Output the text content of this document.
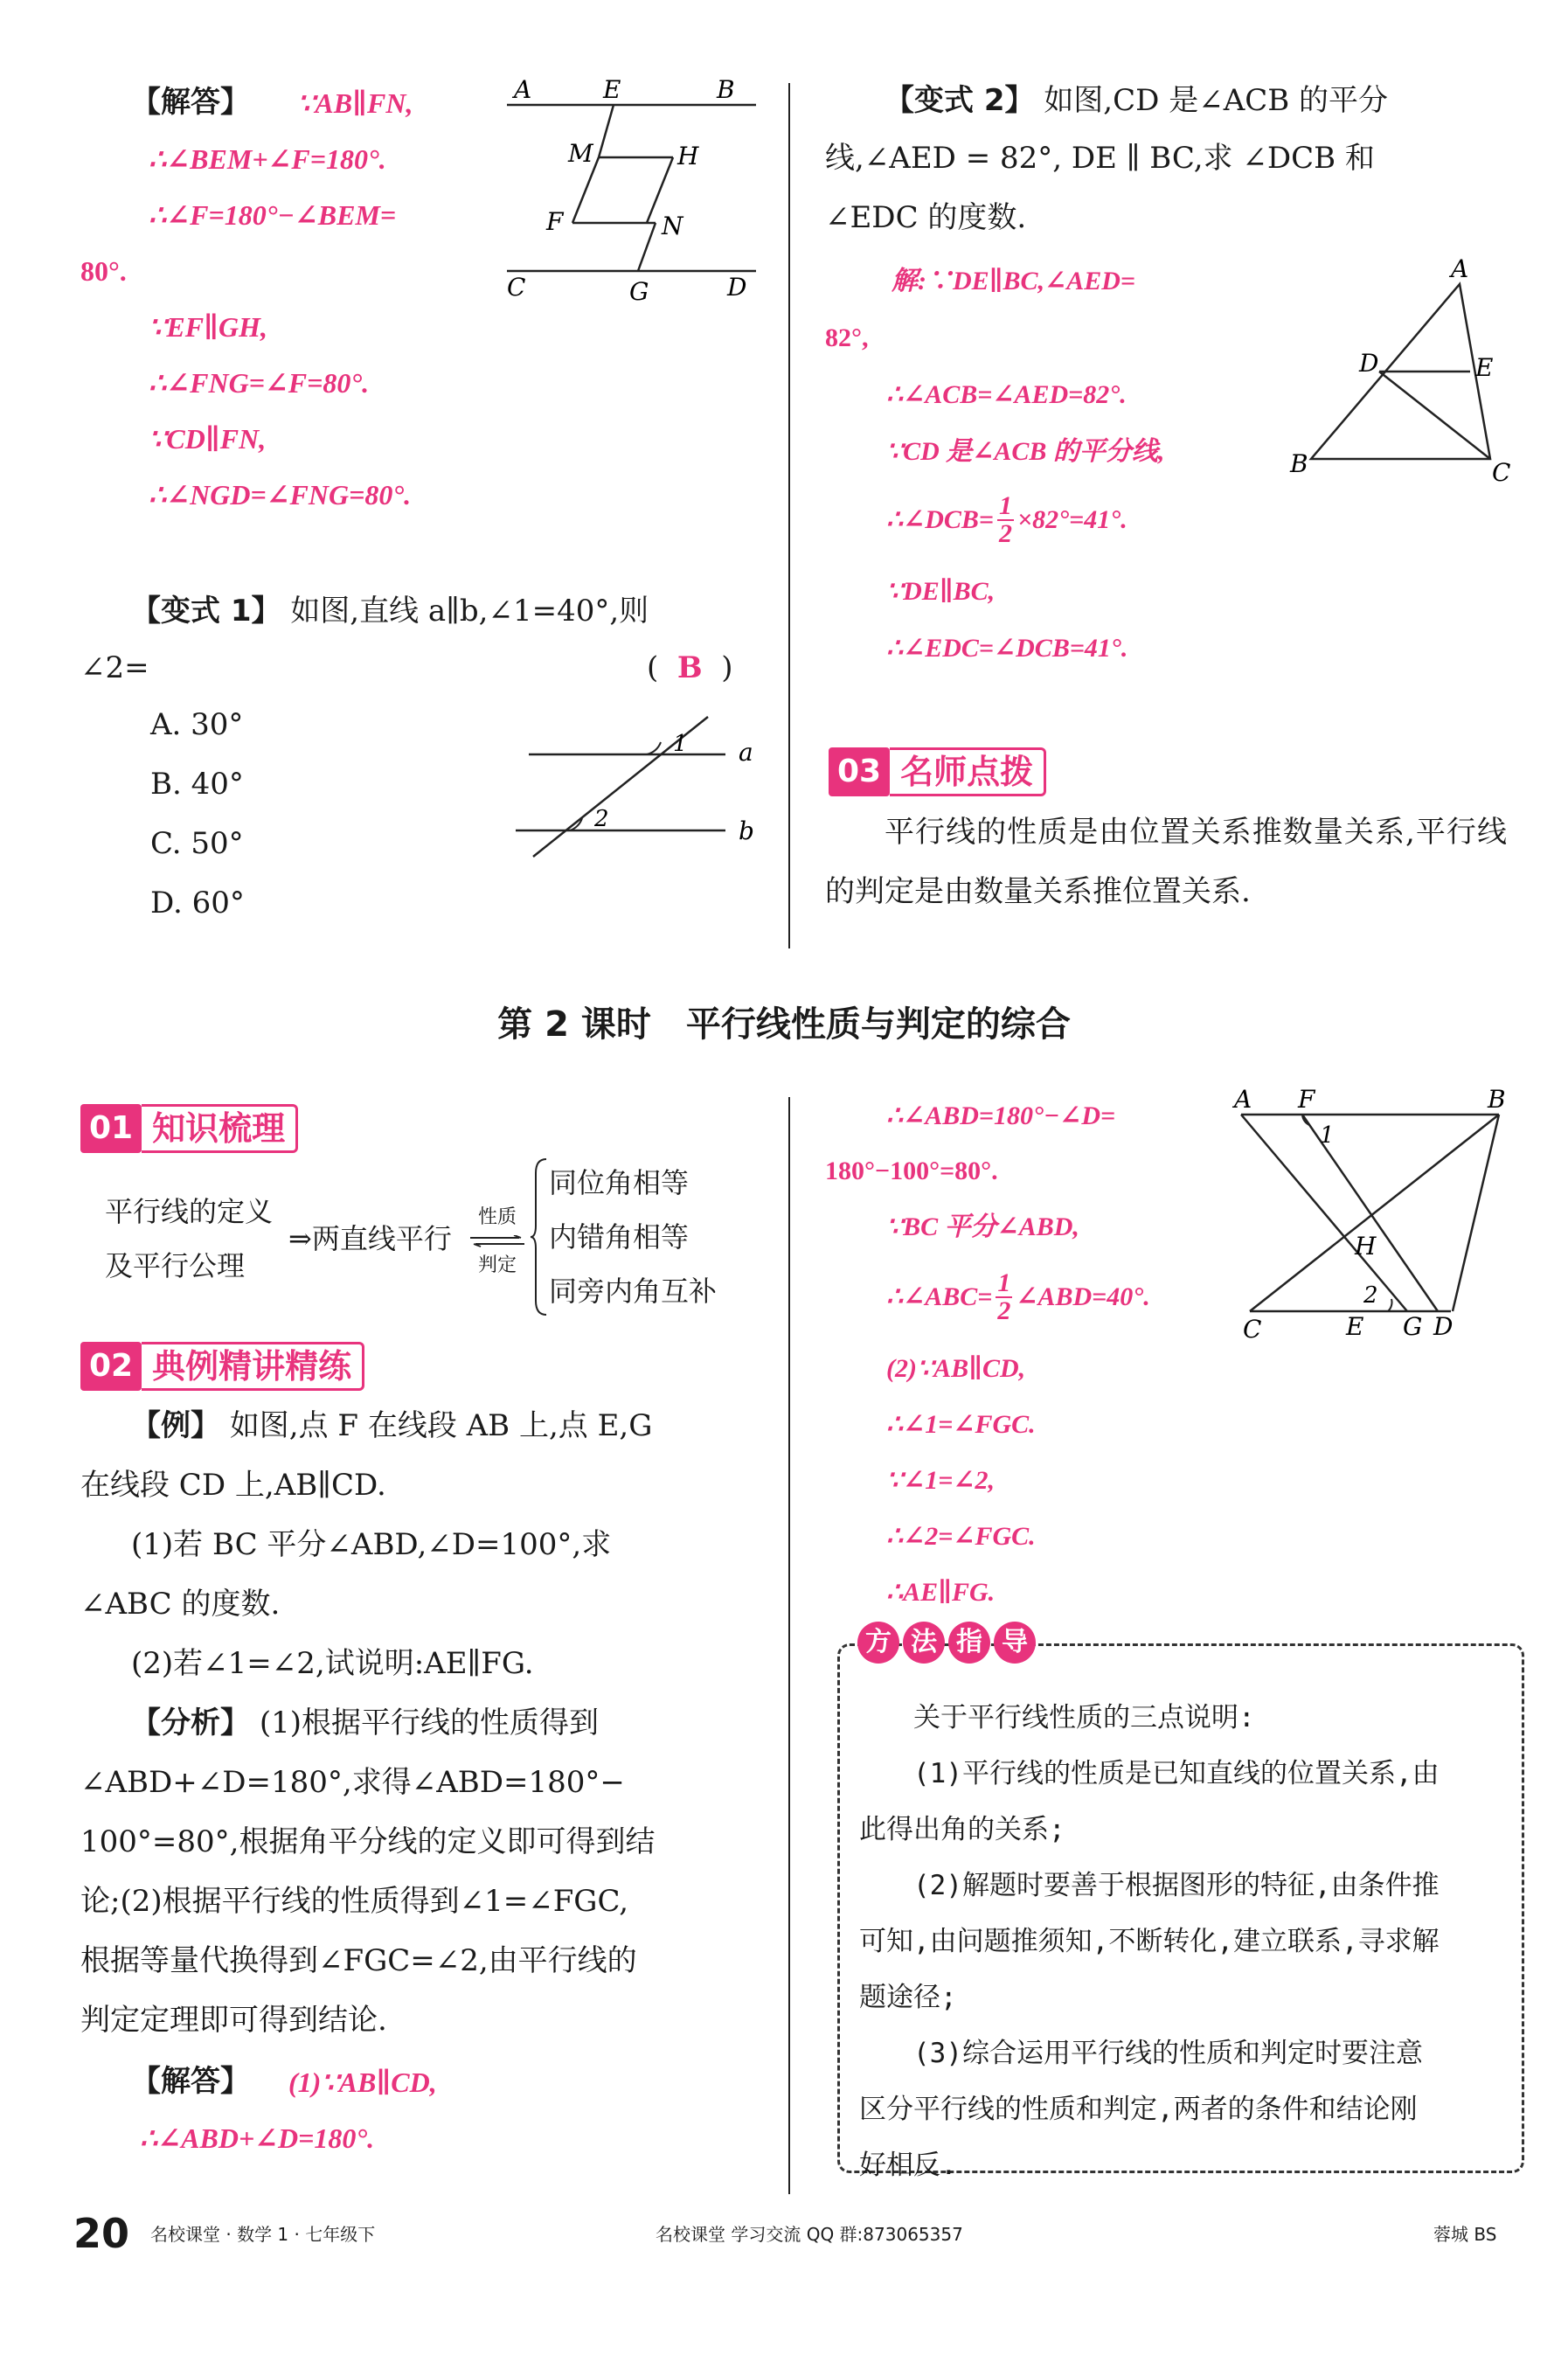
【解答】 ∵AB∥FN,
∴∠BEM+∠F=180°.
∴∠F=180°−∠BEM=
80°.
∵EF∥GH,
∴∠FNG=∠F=80°.
∵CD∥FN,
∴∠NGD=∠FNG=80°.
A	E	B
M	H
F	N
C	G	D
【变式 1】 如图,直线 a∥b,∠1=40°,则
∠2=	( B )
A. 30°
B. 40°
C. 50°
D. 60°
1 a
2	b
【变式 2】 如图,CD 是∠ACB 的平分
线,∠AED = 82°, DE ∥ BC,求 ∠DCB 和
∠EDC 的度数.
解:∵DE∥BC,∠AED=
82°,
∴∠ACB=∠AED=82°.
∵CD 是∠ACB 的平分线,
∴∠DCB= $\frac{1}{2} \times 82^\circ=41^\circ$.
∵DE∥BC,
∴∠EDC=∠DCB=41°.
A
D	E
B	C
03 名师点拨
平行线的性质是由位置关系推数量关系,平行线的判定是由数量关系推位置关系.
第 2 课时　平行线性质与判定的综合
01 知识梳理
平行线的定义
及平行公理
⇒两直线平行
性质
判定
同位角相等
内错角相等
同旁内角互补
02 典例精讲精练
【例】 如图,点 F 在线段 AB 上,点 E,G
在线段 CD 上,AB∥CD.
(1)若 BC 平分∠ABD,∠D=100°,求
∠ABC 的度数.
(2)若∠1=∠2,试说明:AE∥FG.
【分析】 (1)根据平行线的性质得到
∠ABD+∠D=180°,求得∠ABD=180°−
100°=80°,根据角平分线的定义即可得到结
论;(2)根据平行线的性质得到∠1=∠FGC,
根据等量代换得到∠FGC=∠2,由平行线的
判定定理即可得到结论.
【解答】 (1)∵AB∥CD,
∴∠ABD+∠D=180°.
∴∠ABD=180°−∠D=
180°−100°=80°.
∵BC 平分∠ABD,
∴∠ABC= $\frac{1}{2}$ ∠ABD=40°.
(2)∵AB∥CD,
∴∠1=∠FGC.
∵∠1=∠2,
∴∠2=∠FGC.
∴AE∥FG.
A F	B
1
H
2
C	E G D
方 法 指 导
关于平行线性质的三点说明:
(1)平行线的性质是已知直线的位置关系,由
此得出角的关系;
(2)解题时要善于根据图形的特征,由条件推
可知,由问题推须知,不断转化,建立联系,寻求解
题途径;
(3)综合运用平行线的性质和判定时要注意
区分平行线的性质和判定,两者的条件和结论刚
好相反.
20 名校课堂 · 数学 1 · 七年级下	名校课堂 学习交流 QQ 群:873065357	蓉城 BS
